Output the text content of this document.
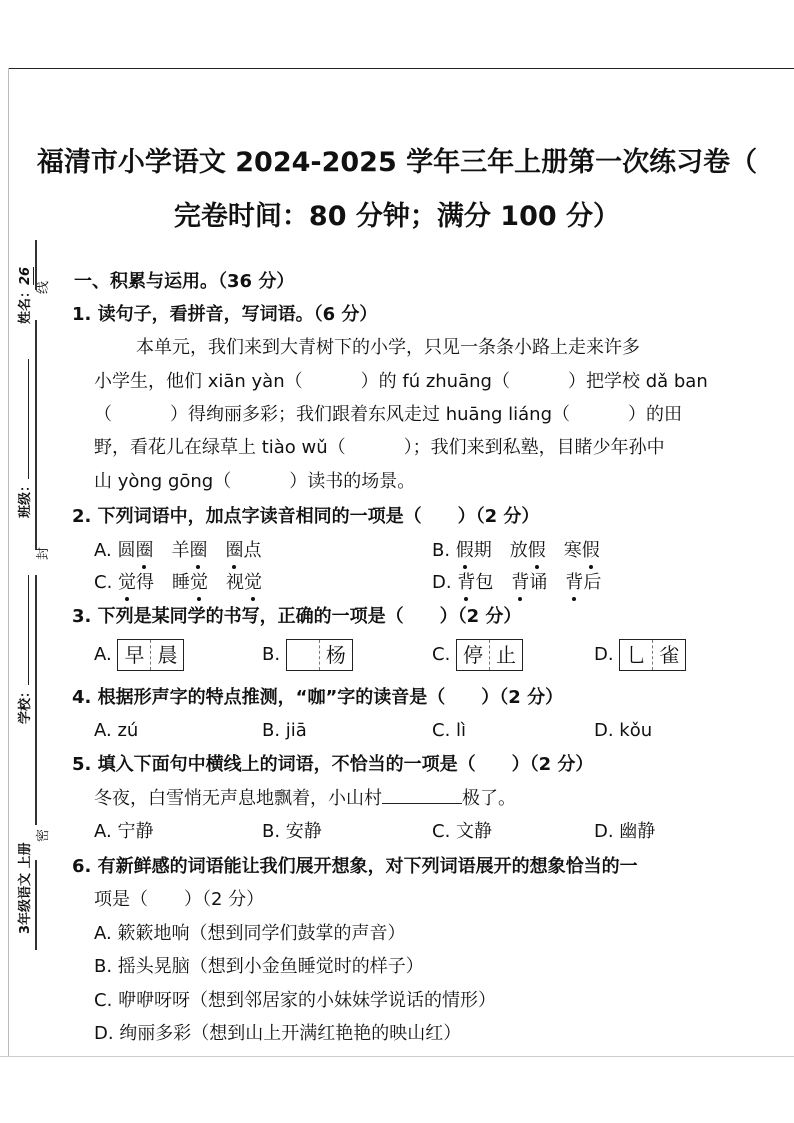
姓名：26
线
班级：
封
学校：
密
3年级语文 上册
福清市小学语文 2024-2025 学年三年上册第一次练习卷（
完卷时间：80 分钟；满分 100 分）
一、积累与运用。（36 分）
1. 读句子，看拼音，写词语。（6 分）
本单元，我们来到大青树下的小学，只见一条条小路上走来许多
小学生，他们 xiān yàn（	）的 fú zhuāng（	）把学校 dǎ ban
（	）得绚丽多彩；我们跟着东风走过 huāng liáng（	）的田
野，看花儿在绿草上 tiào wǔ（	）；我们来到私塾，目睹少年孙中
山 yòng gōng（	）读书的场景。
2. 下列词语中，加点字读音相同的一项是（　　）（2 分）
A. 圆圈　羊圈　 圈点	B. 假期　放假　寒假
C. 觉得　睡觉　视觉	D. 背包　背诵　背后
3. 下列是某同学的书写，正确的一项是（　　）（2 分）
A. 早 晨	B.	杨	C. 停 止	D. 乚 雀
4. 根据形声字的特点推测，“咖”字的读音是（　　）（2 分）
A. zú	B. jiā	C. lì	D. kǒu
5. 填入下面句中横线上的词语，不恰当的一项是（　　）（2 分）
冬夜，白雪悄无声息地飘着，小山村	极了。
A. 宁静	B. 安静	C. 文静	D. 幽静
6. 有新鲜感的词语能让我们展开想象，对下列词语展开的想象恰当的一
项是（　　）（2 分）
A. 簌簌地响（想到同学们鼓掌的声音）
B. 摇头晃脑（想到小金鱼睡觉时的样子）
C. 咿咿呀呀（想到邻居家的小妹妹学说话的情形）
D. 绚丽多彩（想到山上开满红艳艳的映山红）
